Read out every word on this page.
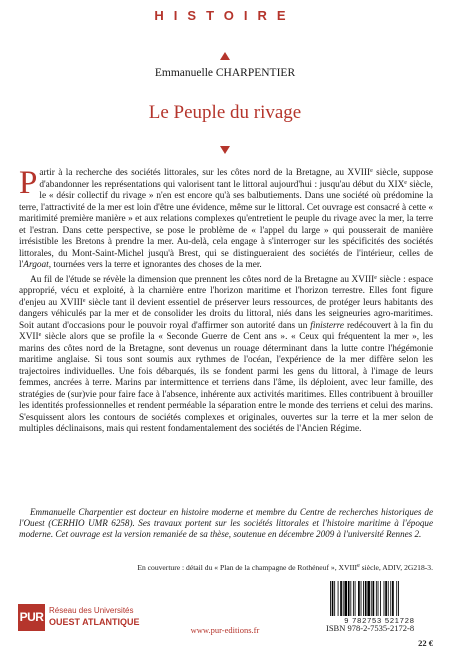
HISTOIRE
Emmanuelle CHARPENTIER
Le Peuple du rivage

Partir à la recherche des sociétés littorales, sur les côtes nord de la Bretagne, au XVIIIe siècle, suppose d'abandonner les représentations qui valorisent tant le littoral aujourd'hui : jusqu'au début du XIXe siècle, le « désir collectif du rivage » n'en est encore qu'à ses balbutiements. Dans une société où prédomine la terre, l'attractivité de la mer est loin d'être une évidence, même sur le littoral. Cet ouvrage est consacré à cette « maritimité première manière » et aux relations complexes qu'entretient le peuple du rivage avec la mer, la terre et l'estran. Dans cette perspective, se pose le problème de « l'appel du large » qui pousserait de manière irrésistible les Bretons à prendre la mer. Au-delà, cela engage à s'interroger sur les spécificités des sociétés littorales, du Mont-Saint-Michel jusqu'à Brest, qui se distingueraient des sociétés de l'intérieur, celles de l'Argoat, tournées vers la terre et ignorantes des choses de la mer.

Au fil de l'étude se révèle la dimension que prennent les côtes nord de la Bretagne au XVIIIe siècle : espace approprié, vécu et exploité, à la charnière entre l'horizon maritime et l'horizon terrestre. Elles font figure d'enjeu au XVIIIe siècle tant il devient essentiel de préserver leurs ressources, de protéger leurs habitants des dangers véhiculés par la mer et de consolider les droits du littoral, niés dans les seigneuries agro-maritimes. Soit autant d'occasions pour le pouvoir royal d'affirmer son autorité dans un finisterre redécouvert à la fin du XVIIe siècle alors que se profile la « Seconde Guerre de Cent ans ». « Ceux qui fréquentent la mer », les marins des côtes nord de la Bretagne, sont devenus un rouage déterminant dans la lutte contre l'hégémonie maritime anglaise. Si tous sont soumis aux rythmes de l'océan, l'expérience de la mer diffère selon les trajectoires individuelles. Une fois débarqués, ils se fondent parmi les gens du littoral, à l'image de leurs femmes, ancrées à terre. Marins par intermittence et terriens dans l'âme, ils déploient, avec leur famille, des stratégies de (sur)vie pour faire face à l'absence, inhérente aux activités maritimes. Elles contribuent à brouiller les identités professionnelles et rendent perméable la séparation entre le monde des terriens et celui des marins. S'esquissent alors les contours de sociétés complexes et originales, ouvertes sur la terre et la mer selon de multiples déclinaisons, mais qui restent fondamentalement des sociétés de l'Ancien Régime.

Emmanuelle Charpentier est docteur en histoire moderne et membre du Centre de recherches historiques de l'Ouest (CERHIO UMR 6258). Ses travaux portent sur les sociétés littorales et l'histoire maritime à l'époque moderne. Cet ouvrage est la version remaniée de sa thèse, soutenue en décembre 2009 à l'université Rennes 2.

En couverture : détail du « Plan de la champagne de Rothéneuf », XVIIIe siècle, ADIV, 2G218-3.
PUR Réseau des Universités
OUEST ATLANTIQUE
www.pur-editions.fr
9 782753 521728
ISBN 978-2-7535-2172-8
22 €
